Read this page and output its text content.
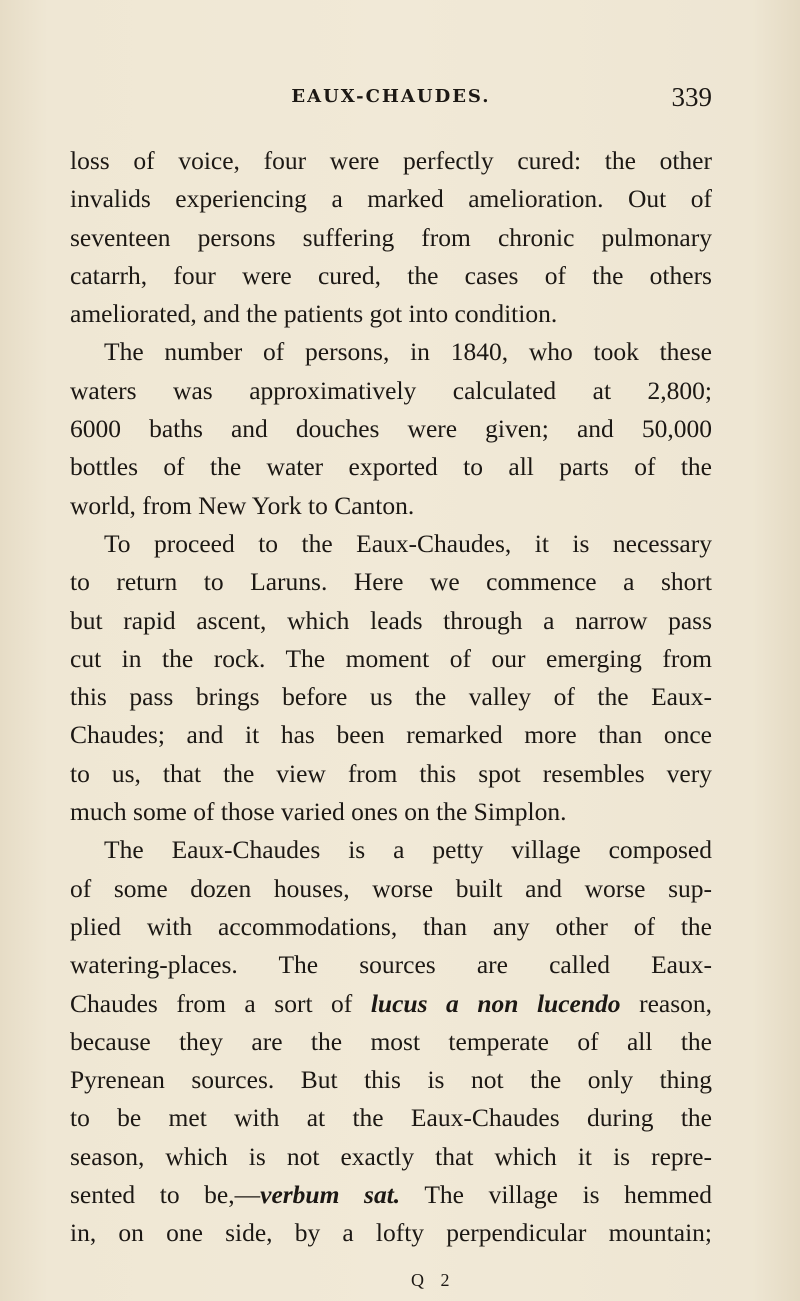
EAUX-CHAUDES.	339
loss of voice, four were perfectly cured: the other
invalids experiencing a marked amelioration. Out of
seventeen persons suffering from chronic pulmonary
catarrh, four were cured, the cases of the others
ameliorated, and the patients got into condition.
The number of persons, in 1840, who took these
waters was approximatively calculated at 2,800;
6000 baths and douches were given; and 50,000
bottles of the water exported to all parts of the
world, from New York to Canton.
To proceed to the Eaux-Chaudes, it is necessary
to return to Laruns. Here we commence a short
but rapid ascent, which leads through a narrow pass
cut in the rock. The moment of our emerging from
this pass brings before us the valley of the Eaux-
Chaudes; and it has been remarked more than once
to us, that the view from this spot resembles very
much some of those varied ones on the Simplon.
The Eaux-Chaudes is a petty village composed
of some dozen houses, worse built and worse sup-
plied with accommodations, than any other of the
watering-places. The sources are called Eaux-
Chaudes from a sort of lucus a non lucendo reason,
because they are the most temperate of all the
Pyrenean sources. But this is not the only thing
to be met with at the Eaux-Chaudes during the
season, which is not exactly that which it is repre-
sented to be,—verbum sat. The village is hemmed
in, on one side, by a lofty perpendicular mountain;
Q 2
